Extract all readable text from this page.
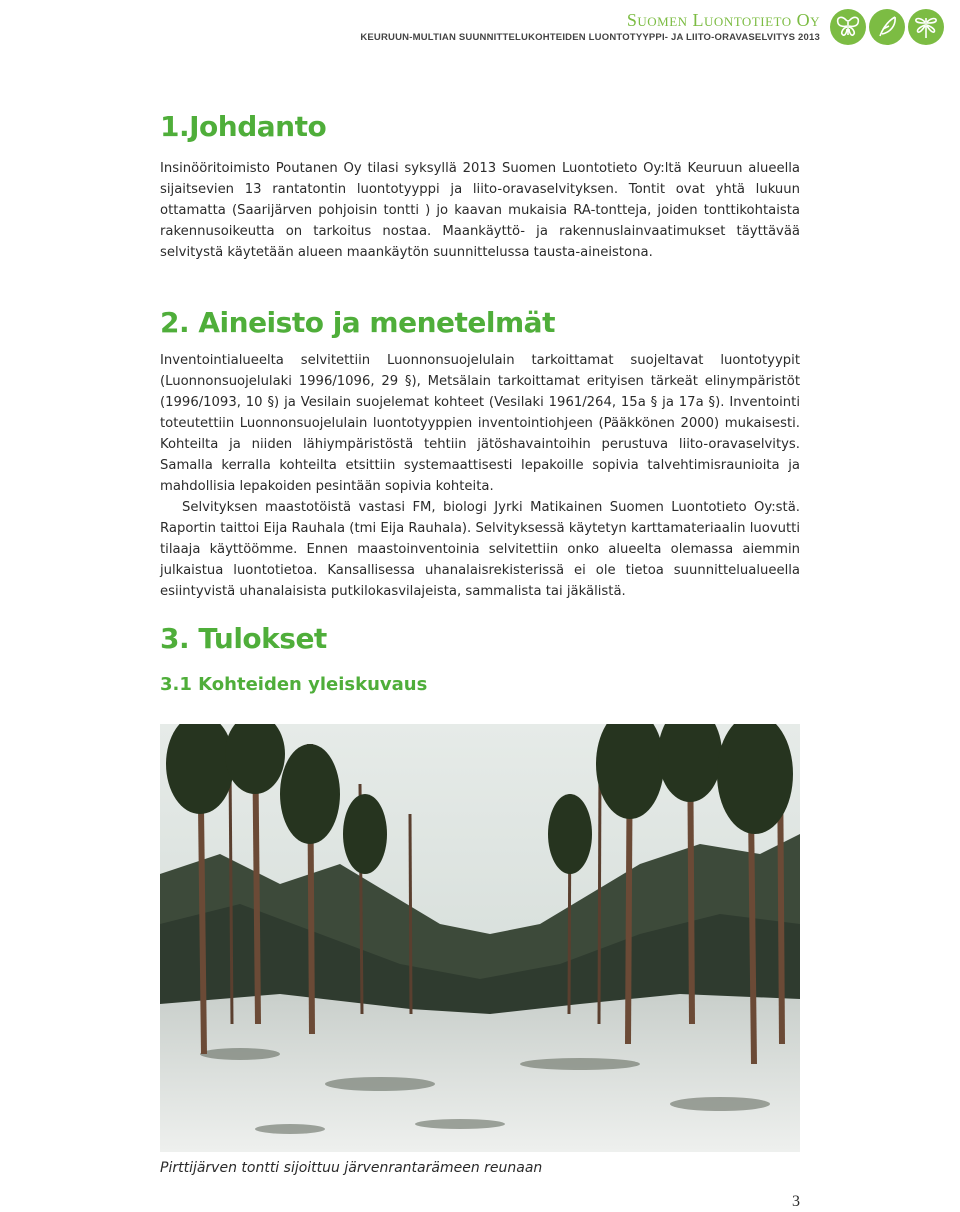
Suomen Luontotieto Oy
KEURUUN-MULTIAN SUUNNITTELUKOHTEIDEN LUONTOTYYPPI- JA LIITO-ORAVASELVITYS 2013
1.Johdanto

Insinööritoimisto Poutanen Oy tilasi syksyllä 2013 Suomen Luontotieto Oy:ltä Keuruun alueella sijaitsevien 13 rantatontin luontotyyppi ja liito-oravaselvityksen. Tontit ovat yhtä lukuun ottamatta (Saarijärven pohjoisin tontti ) jo kaavan mukaisia RA-tontteja, joiden tonttikohtaista rakennusoikeutta on tarkoitus nostaa. Maankäyttö- ja rakennuslainvaatimukset täyttävää selvitystä käytetään alueen maankäytön suunnittelussa tausta-aineistona.

2. Aineisto ja menetelmät

Inventointialueelta selvitettiin Luonnonsuojelulain tarkoittamat suojeltavat luontotyypit (Luonnonsuojelulaki 1996/1096, 29 §), Metsälain tarkoittamat erityisen tärkeät elinympäristöt (1996/1093, 10 §) ja Vesilain suojelemat kohteet (Vesilaki 1961/264, 15a § ja 17a §). Inventointi toteutettiin Luonnonsuojelulain luontotyyppien inventointiohjeen (Pääkkönen 2000) mukaisesti. Kohteilta ja niiden lähiympäristöstä tehtiin jätöshavaintoihin perustuva liito-oravaselvitys. Samalla kerralla kohteilta etsittiin systemaattisesti lepakoille sopivia talvehtimisraunioita ja mahdollisia lepakoiden pesintään sopivia kohteita.

Selvityksen maastotöistä vastasi FM, biologi Jyrki Matikainen Suomen Luontotieto Oy:stä. Raportin taittoi Eija Rauhala (tmi Eija Rauhala). Selvityksessä käytetyn karttamateriaalin luovutti tilaaja käyttöömme. Ennen maastoinventoinia selvitettiin onko alueelta olemassa aiemmin julkaistua luontotietoa. Kansallisessa uhanalaisrekisterissä ei ole tietoa suunnittelualueella esiintyvistä uhanalaisista putkilokasvilajeista, sammalista tai jäkälistä.

3. Tulokset
3.1 Kohteiden yleiskuvaus
Pirttijärven tontti sijoittuu järvenrantarämeen reunaan
3
